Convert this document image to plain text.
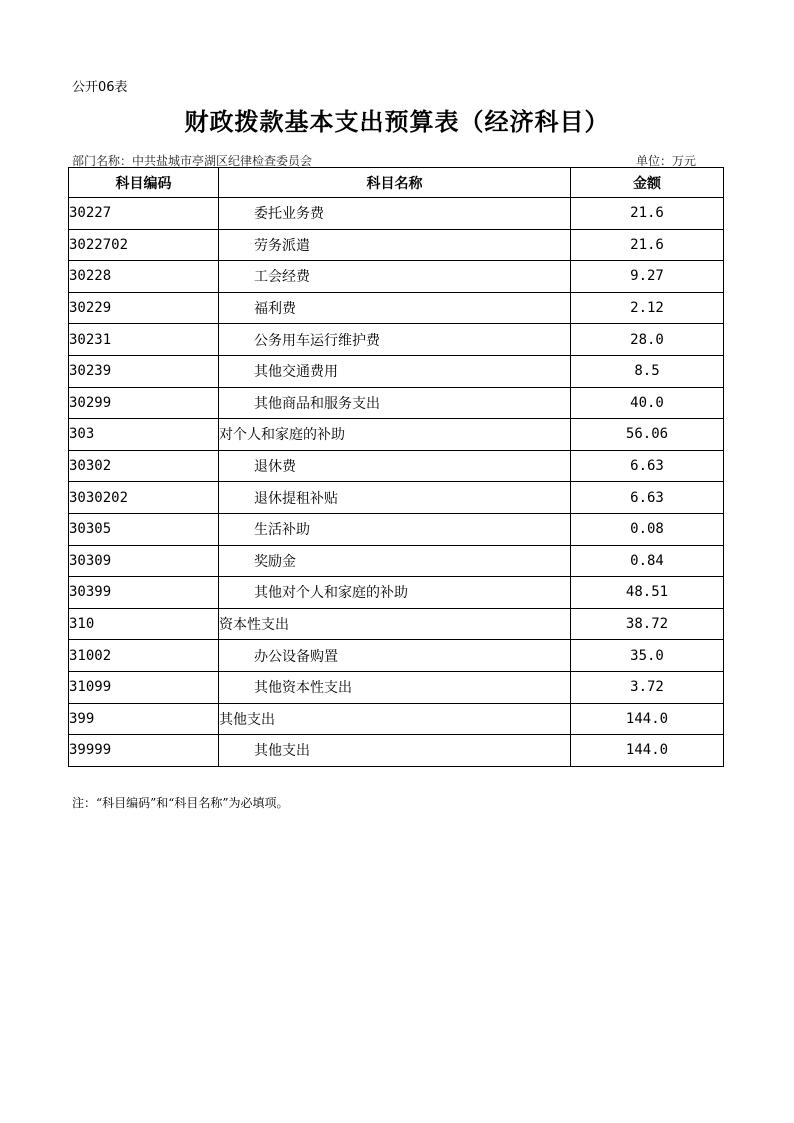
公开06表
财政拨款基本支出预算表（经济科目）
部门名称：中共盐城市亭湖区纪律检查委员会	单位：万元
科目编码	科目名称	金额
30227	委托业务费	21.6
3022702	劳务派遣	21.6
30228	工会经费	9.27
30229	福利费	2.12
30231	公务用车运行维护费	28.0
30239	其他交通费用	8.5
30299	其他商品和服务支出	40.0
303	对个人和家庭的补助	56.06
30302	退休费	6.63
3030202	退休提租补贴	6.63
30305	生活补助	0.08
30309	奖励金	0.84
30399	其他对个人和家庭的补助	48.51
310	资本性支出	38.72
31002	办公设备购置	35.0
31099	其他资本性支出	3.72
399	其他支出	144.0
39999	其他支出	144.0
注：“科目编码”和“科目名称”为必填项。
